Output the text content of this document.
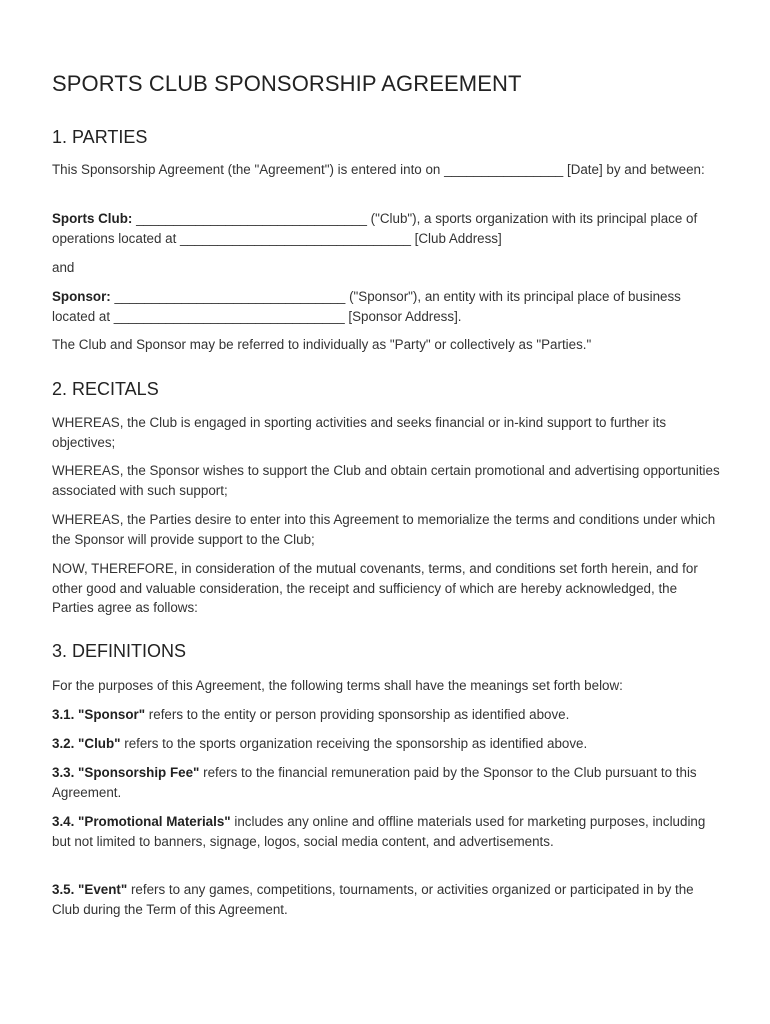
SPORTS CLUB SPONSORSHIP AGREEMENT
1. PARTIES

This Sponsorship Agreement (the "Agreement") is entered into on ________________ [Date] by and between:

Sports Club: _______________________________ ("Club"), a sports organization with its principal place of operations located at _______________________________ [Club Address]

and

Sponsor: _______________________________ ("Sponsor"), an entity with its principal place of business located at _______________________________ [Sponsor Address].

The Club and Sponsor may be referred to individually as "Party" or collectively as "Parties."

2. RECITALS

WHEREAS, the Club is engaged in sporting activities and seeks financial or in-kind support to further its objectives;

WHEREAS, the Sponsor wishes to support the Club and obtain certain promotional and advertising opportunities associated with such support;

WHEREAS, the Parties desire to enter into this Agreement to memorialize the terms and conditions under which the Sponsor will provide support to the Club;

NOW, THEREFORE, in consideration of the mutual covenants, terms, and conditions set forth herein, and for other good and valuable consideration, the receipt and sufficiency of which are hereby acknowledged, the Parties agree as follows:

3. DEFINITIONS

For the purposes of this Agreement, the following terms shall have the meanings set forth below:

3.1. "Sponsor" refers to the entity or person providing sponsorship as identified above.

3.2. "Club" refers to the sports organization receiving the sponsorship as identified above.

3.3. "Sponsorship Fee" refers to the financial remuneration paid by the Sponsor to the Club pursuant to this Agreement.

3.4. "Promotional Materials" includes any online and offline materials used for marketing purposes, including but not limited to banners, signage, logos, social media content, and advertisements.

3.5. "Event" refers to any games, competitions, tournaments, or activities organized or participated in by the Club during the Term of this Agreement.
